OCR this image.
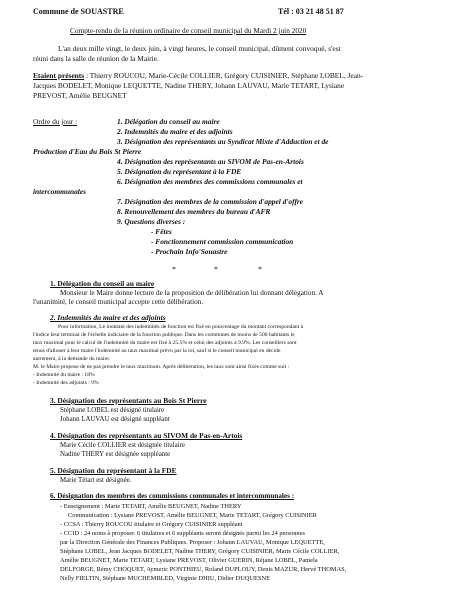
Commune de SOUASTRE	Tél : 03 21 48 51 87
Compte-rendu de la réunion ordinaire de conseil municipal du Mardi 2 juin 2020
L'an deux mille vingt, le deux juin, à vingt heures, le conseil municipal, dûment convoqué, s'est
réuni dans la salle de réunion de la Mairie.
Etaient présents : Thierry ROUCOU, Marie-Cécile COLLIER, Grégory CUISINIER, Stéphane LOBEL, Jean-
Jacques BODELET, Monique LEQUETTE, Nadine THERY, Johann LAUVAU, Marie TETART, Lysiane
PREVOST, Amélie BEUGNET
Ordre du jour :	1. Délégation du conseil au maire
2. Indemnités du maire et des adjoints
3. Désignation des représentants au Syndicat Mixte d'Adduction et de
Production d'Eau du Bois St Pierre
4. Désignation des représentants au SIVOM de Pas-en-Artois
5. Désignation du représentant à la FDE
6. Désignation des membres des commissions communales et
intercommunales
7. Désignation des membres de la commission d'appel d'offre
8. Renouvellement des membres du bureau d'AFR
9. Questions diverses :
- Fêtes
- Fonctionnement commission communication
- Prochain Info'Souastre
*	*	*
1. Délégation du conseil au maire
Monsieur le Maire donne lecture de la proposition de délibération lui donnant délégation. A
l'unanimité, le conseil municipal accepte cette délibération.
2. Indemnités du maire et des adjoints
Pour information, Le montant des indemnités de fonction est fixé en pourcentage du montant correspondant à
l'indice brut terminal de l'échelle indiciaire de la fonction publique. Dans les communes de moins de 500 habitants le
taux maximal pour le calcul de l'indemnité du maire est fixé à 25.5% et celui des adjoints à 9.9%. Les conseillers sont
tenus d'allouer à leur maire l'indemnité au taux maximal prévu par la loi, sauf si le conseil municipal en décide
autrement, à la demande du maire.
M. le Maire propose de ne pas prendre le taux maximum. Après délibération, les taux sont ainsi fixés comme suit :
- Indemnité du maire : 18%
- Indemnité des adjoints : 9%
3. Désignation des représentants au Bois St Pierre
Stéphane LOBEL est désigné titulaire
Johann LAUVAU est désigné suppléant
4. Désignation des représentants au SIVOM de Pas-en-Artois
Marie Cécile COLLIER est désignée titulaire
Nadine THERY est désignée suppléante
5. Désignation du représentant à la FDE
Marie Tétart est désignée.
6. Désignation des membres des commissions communales et intercommunales :
- Enseignement : Marie TETART, Amélie BEUGNET, Nadine THERY
Communication : Lysiane PREVOST, Amélie BEUGNET, Marie TETART, Grégory CUISINIER
- CCSA : Thierry ROUCOU titulaire et Grégory CUISINIER suppléant
- CCID : 24 noms à proposer. 6 titulaires et 6 suppléants seront désignés parmi les 24 personnes
par la Direction Générale des Finances Publiques. Proposer : Johann LAUVAU, Monique LEQUETTE,
Stéphane LOBEL, Jean Jacques BODELET, Nadine THERY, Grégory CUISINIER, Marie Cécile COLLIER,
Amélie BEUGNET, Marie TETART, Lysiane PREVOST, Olivier GUERIN, Réjane LOBEL, Pamela
DELFORGE, Rémy CHOQUET, Aymeric PONTHIEU, Roland DUPLOUY, Denis MAZUR, Hervé THOMAS,
Nelly FIELTIN, Stéphane MUCHEMBLED, Virginie DHIU, Didier DUQUESNE
